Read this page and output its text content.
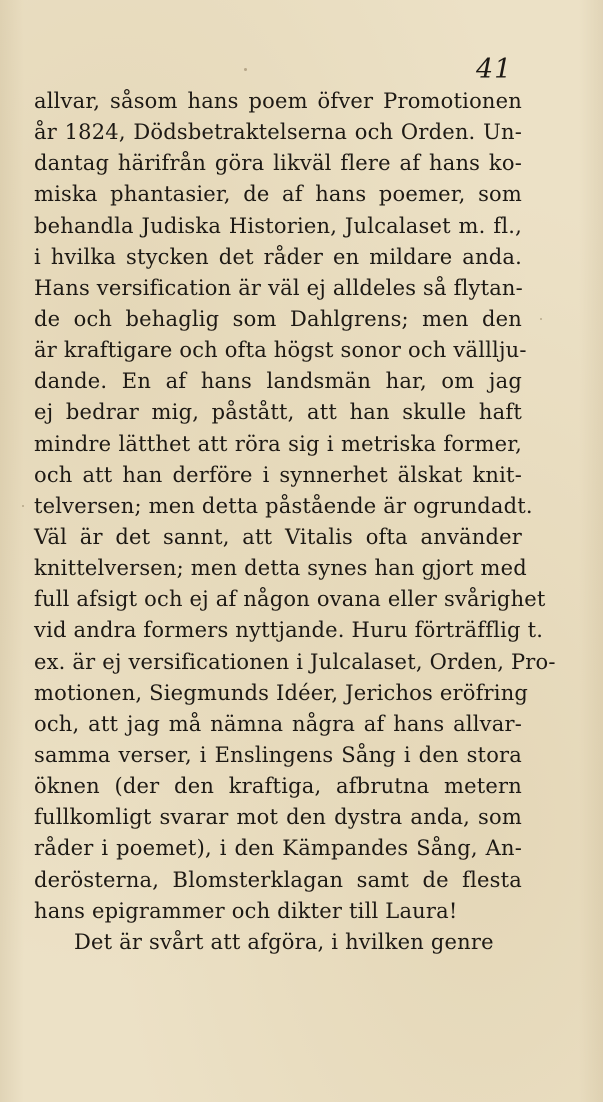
41
allvar, såsom hans poem öfver Promotionen
år 1824, Dödsbetraktelserna och Orden. Un-
dantag härifrån göra likväl flere af hans ko-
miska phantasier, de af hans poemer, som
behandla Judiska Historien, Julcalaset m. fl.,
i hvilka stycken det råder en mildare anda.
Hans versification är väl ej alldeles så flytan-
de och behaglig som Dahlgrens; men den
är kraftigare och ofta högst sonor och välllju-
dande. En af hans landsmän har, om jag
ej bedrar mig, påstått, att han skulle haft
mindre lätthet att röra sig i metriska former,
och att han derföre i synnerhet älskat knit-
telversen; men detta påstående är ogrundadt.
Väl är det sannt, att Vitalis ofta använder
knittelversen; men detta synes han gjort med
full afsigt och ej af någon ovana eller svårighet
vid andra formers nyttjande. Huru förträfflig t.
ex. är ej versificationen i Julcalaset, Orden, Pro-
motionen, Siegmunds Idéer, Jerichos eröfring
och, att jag må nämna några af hans allvar-
samma verser, i Enslingens Sång i den stora
öknen (der den kraftiga, afbrutna metern
fullkomligt svarar mot den dystra anda, som
råder i poemet), i den Kämpandes Sång, An-
derösterna, Blomsterklagan samt de flesta
hans epigrammer och dikter till Laura!
Det är svårt att afgöra, i hvilken genre
